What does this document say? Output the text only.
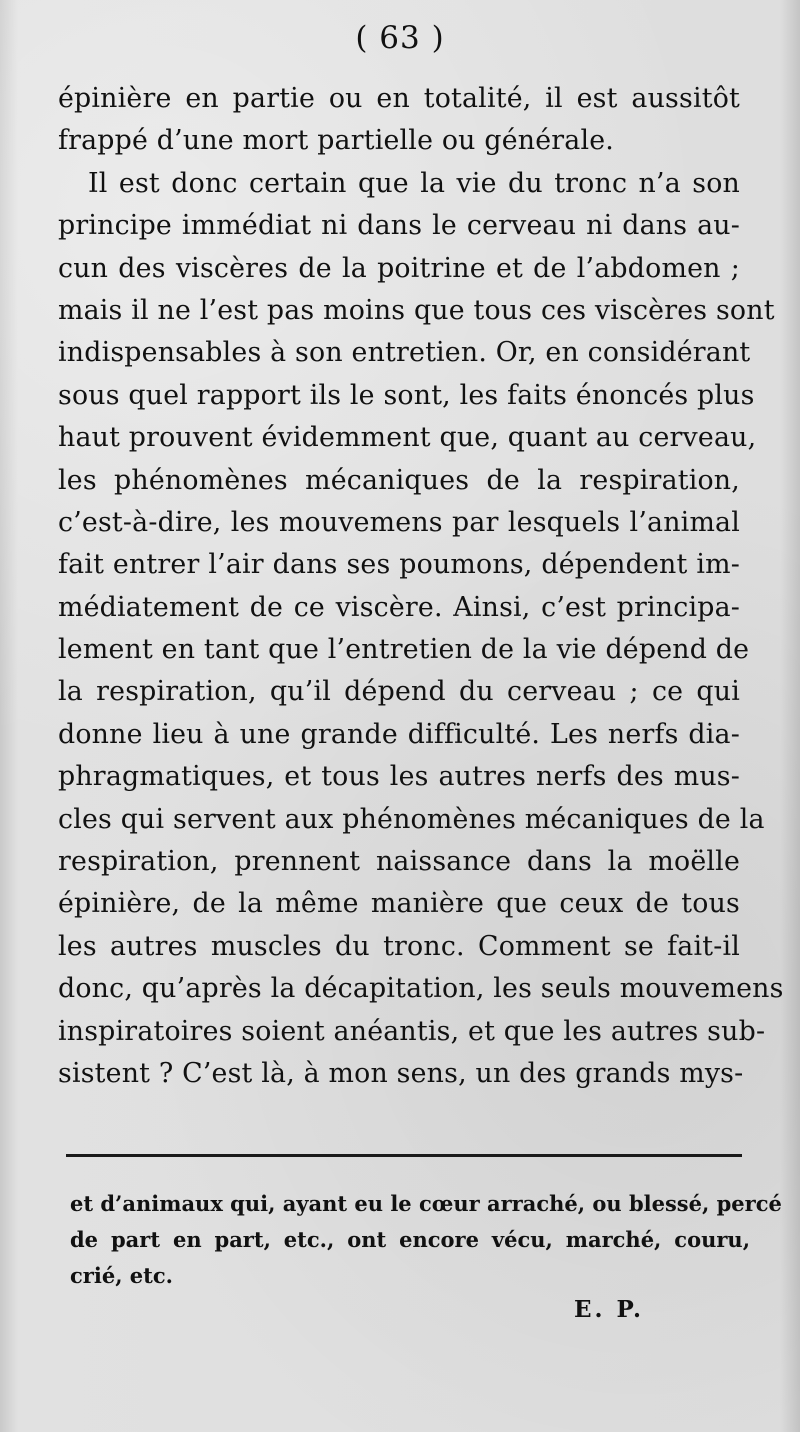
( 63 )
épinière en partie ou en totalité, il est aussitôt
frappé d’une mort partielle ou générale.
Il est donc certain que la vie du tronc n’a son
principe immédiat ni dans le cerveau ni dans au-
cun des viscères de la poitrine et de l’abdomen ;
mais il ne l’est pas moins que tous ces viscères sont
indispensables à son entretien. Or, en considérant
sous quel rapport ils le sont, les faits énoncés plus
haut prouvent évidemment que, quant au cerveau,
les phénomènes mécaniques de la respiration,
c’est-à-dire, les mouvemens par lesquels l’animal
fait entrer l’air dans ses poumons, dépendent im-
médiatement de ce viscère. Ainsi, c’est principa-
lement en tant que l’entretien de la vie dépend de
la respiration, qu’il dépend du cerveau ; ce qui
donne lieu à une grande difficulté. Les nerfs dia-
phragmatiques, et tous les autres nerfs des mus-
cles qui servent aux phénomènes mécaniques de la
respiration, prennent naissance dans la moëlle
épinière, de la même manière que ceux de tous
les autres muscles du tronc. Comment se fait-il
donc, qu’après la décapitation, les seuls mouvemens
inspiratoires soient anéantis, et que les autres sub-
sistent ? C’est là, à mon sens, un des grands mys-
et d’animaux qui, ayant eu le cœur arraché, ou blessé, percé
de part en part, etc., ont encore vécu, marché, couru,
crié, etc.
E. P.
